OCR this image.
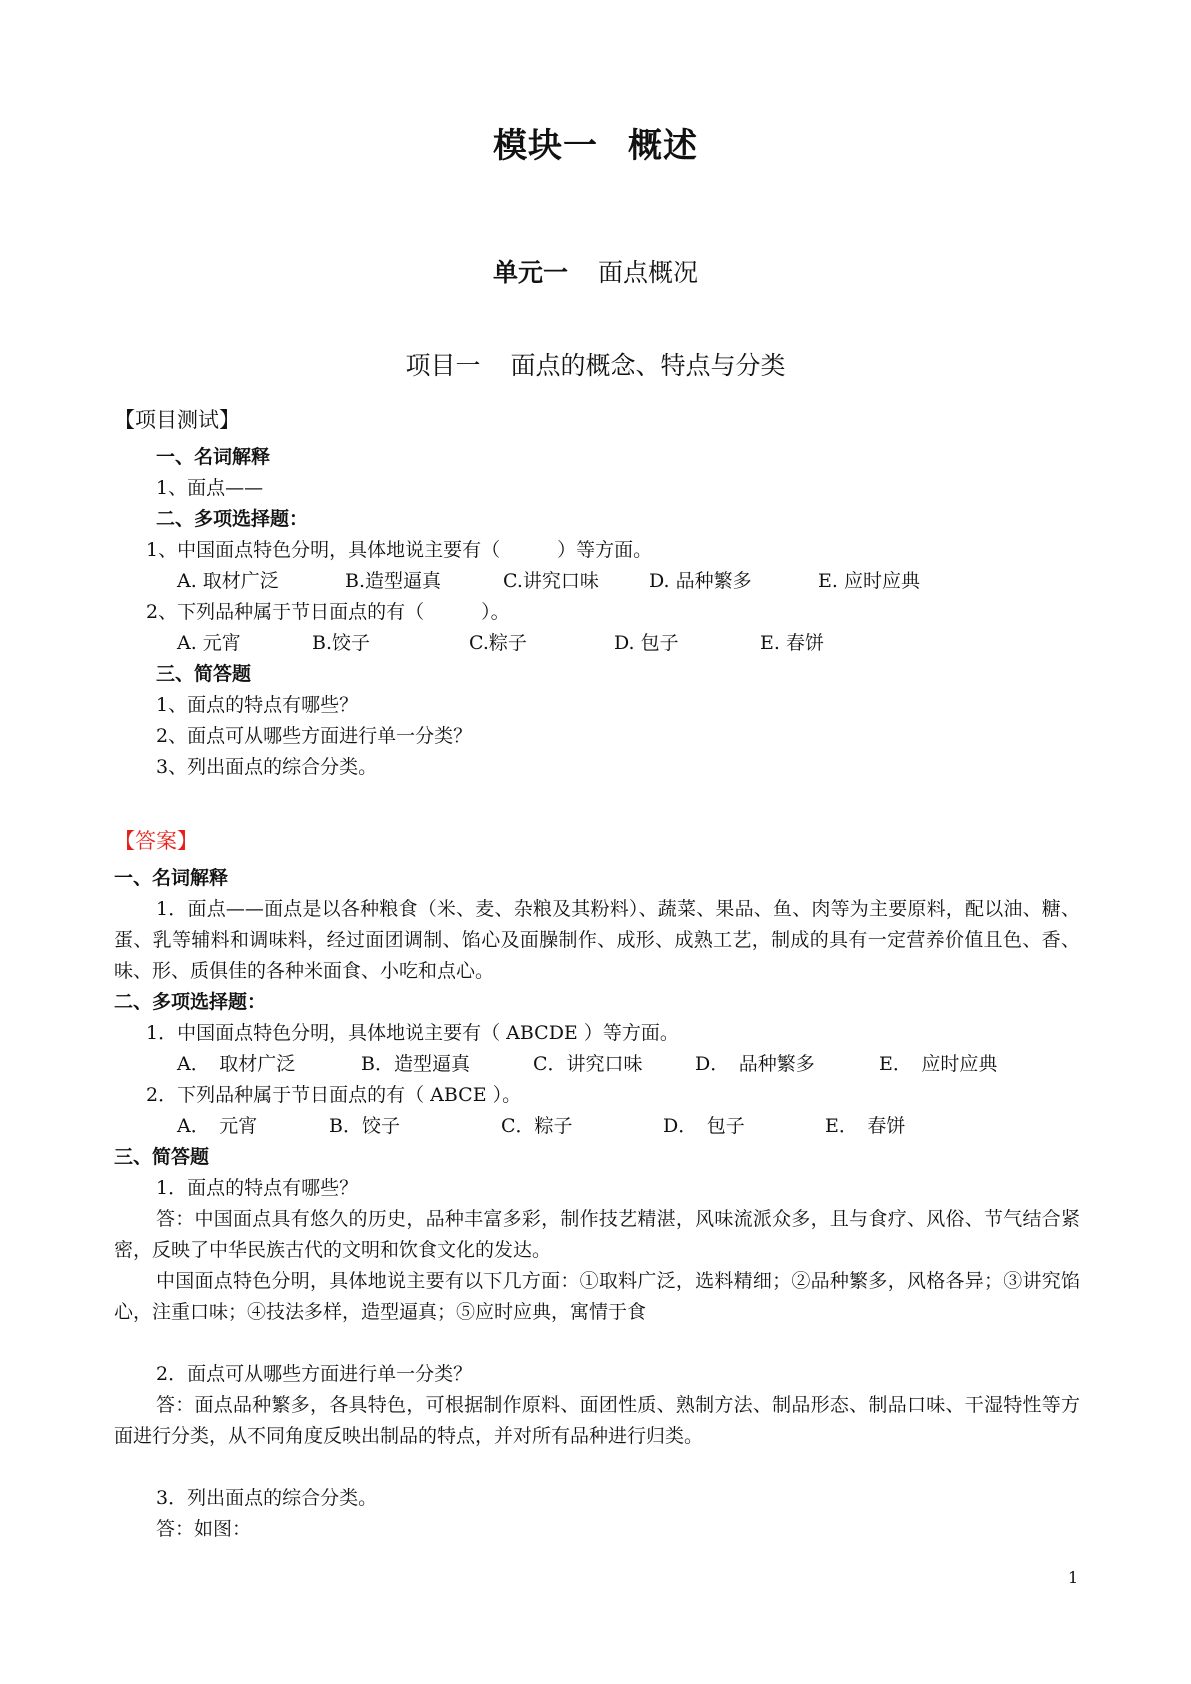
模块一 概述
单元一 面点概况
项目一 面点的概念、特点与分类
【项目测试】
一、名词解释
1、面点——
二、多项选择题：
1、中国面点特色分明，具体地说主要有（　　　）等方面。
A. 取材广泛	B.造型逼真	C.讲究口味	D. 品种繁多	E. 应时应典
2、下列品种属于节日面点的有（　　　）。
A. 元宵	B.饺子	C.粽子	D. 包子	E. 春饼
三、简答题
1、面点的特点有哪些？
2、面点可从哪些方面进行单一分类？
3、列出面点的综合分类。
【答案】
一、名词解释
1．面点——面点是以各种粮食（米、麦、杂粮及其粉料）、蔬菜、果品、鱼、肉等为主要原料，配以油、糖、蛋、乳等辅料和调味料，经过面团调制、馅心及面臊制作、成形、成熟工艺，制成的具有一定营养价值且色、香、味、形、质俱佳的各种米面食、小吃和点心。
二、多项选择题：
1．中国面点特色分明，具体地说主要有（ ABCDE ）等方面。
A．　取材广泛	B．造型逼真	C．讲究口味	D．　品种繁多	E．　应时应典
2．下列品种属于节日面点的有（ ABCE ）。
A．　元宵	B．饺子	C．粽子	D．　包子	E．　春饼
三、简答题
1．面点的特点有哪些？
答：中国面点具有悠久的历史，品种丰富多彩，制作技艺精湛，风味流派众多，且与食疗、风俗、节气结合紧密，反映了中华民族古代的文明和饮食文化的发达。
中国面点特色分明，具体地说主要有以下几方面：①取料广泛，选料精细；②品种繁多，风格各异；③讲究馅心，注重口味；④技法多样，造型逼真；⑤应时应典，寓情于食
2．面点可从哪些方面进行单一分类？
答：面点品种繁多，各具特色，可根据制作原料、面团性质、熟制方法、制品形态、制品口味、干湿特性等方面进行分类，从不同角度反映出制品的特点，并对所有品种进行归类。
3．列出面点的综合分类。
答：如图：
1
